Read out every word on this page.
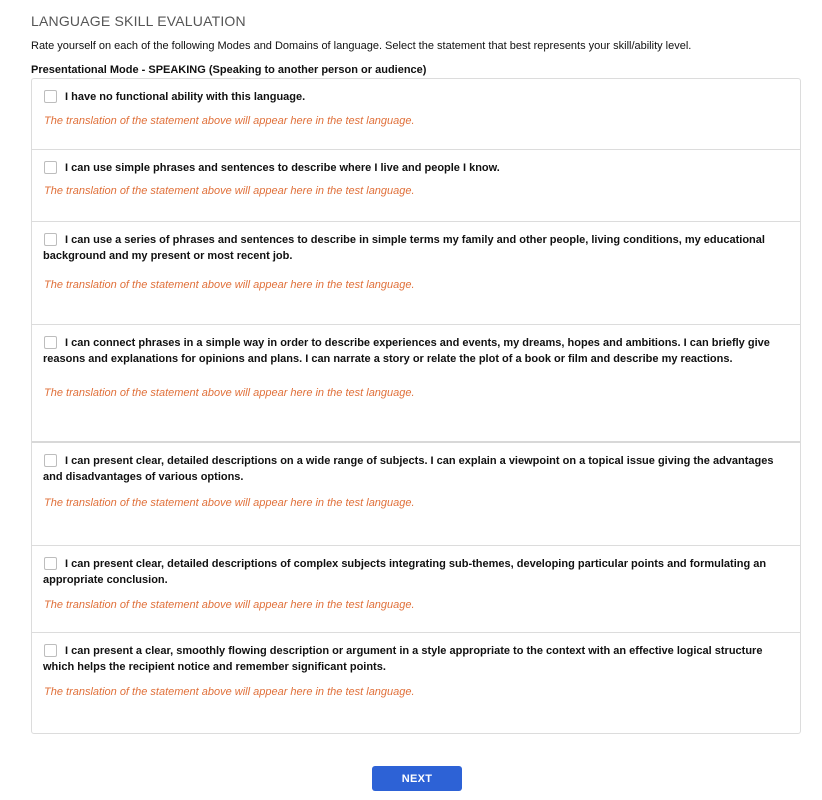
LANGUAGE SKILL EVALUATION
Rate yourself on each of the following Modes and Domains of language. Select the statement that best represents your skill/ability level.
Presentational Mode - SPEAKING (Speaking to another person or audience)
I have no functional ability with this language.
The translation of the statement above will appear here in the test language.
I can use simple phrases and sentences to describe where I live and people I know.
The translation of the statement above will appear here in the test language.
I can use a series of phrases and sentences to describe in simple terms my family and other people, living conditions, my educational background and my present or most recent job.
The translation of the statement above will appear here in the test language.
I can connect phrases in a simple way in order to describe experiences and events, my dreams, hopes and ambitions. I can briefly give reasons and explanations for opinions and plans. I can narrate a story or relate the plot of a book or film and describe my reactions.
The translation of the statement above will appear here in the test language.
I can present clear, detailed descriptions on a wide range of subjects. I can explain a viewpoint on a topical issue giving the advantages and disadvantages of various options.
The translation of the statement above will appear here in the test language.
I can present clear, detailed descriptions of complex subjects integrating sub-themes, developing particular points and formulating an appropriate conclusion.
The translation of the statement above will appear here in the test language.
I can present a clear, smoothly flowing description or argument in a style appropriate to the context with an effective logical structure which helps the recipient notice and remember significant points.
The translation of the statement above will appear here in the test language.
NEXT
